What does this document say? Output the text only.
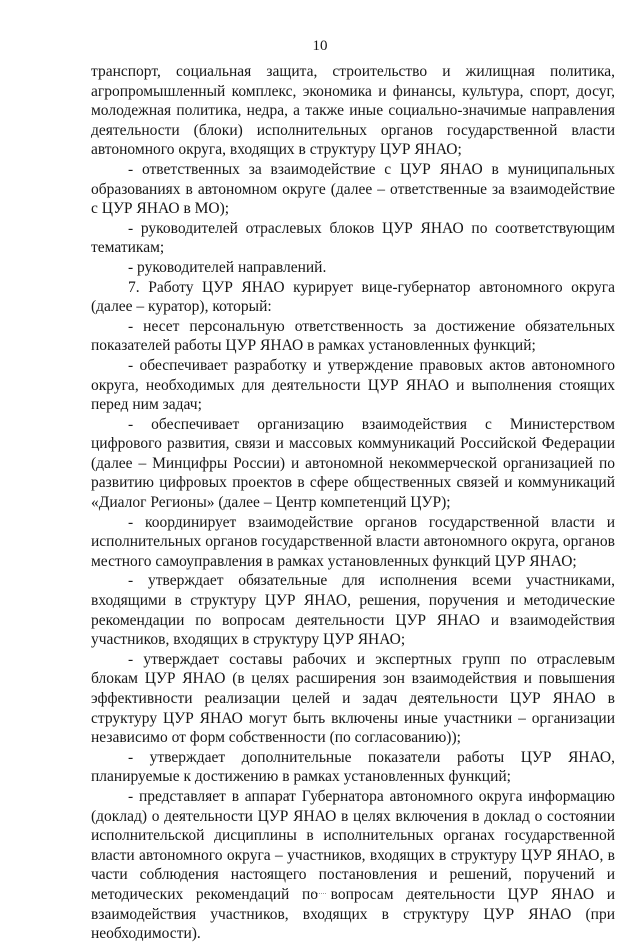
10

транспорт, социальная защита, строительство и жилищная политика, агропромышленный комплекс, экономика и финансы, культура, спорт, досуг, молодежная политика, недра, а также иные социально-значимые направления деятельности (блоки) исполнительных органов государственной власти автономного округа, входящих в структуру ЦУР ЯНАО;

- ответственных за взаимодействие с ЦУР ЯНАО в муниципальных образованиях в автономном округе (далее – ответственные за взаимодействие с ЦУР ЯНАО в МО);

- руководителей отраслевых блоков ЦУР ЯНАО по соответствующим тематикам;

- руководителей направлений.

7. Работу ЦУР ЯНАО курирует вице-губернатор автономного округа (далее – куратор), который:

- несет персональную ответственность за достижение обязательных показателей работы ЦУР ЯНАО в рамках установленных функций;

- обеспечивает разработку и утверждение правовых актов автономного округа, необходимых для деятельности ЦУР ЯНАО и выполнения стоящих перед ним задач;

- обеспечивает организацию взаимодействия с Министерством цифрового развития, связи и массовых коммуникаций Российской Федерации (далее – Минцифры России) и автономной некоммерческой организацией по развитию цифровых проектов в сфере общественных связей и коммуникаций «Диалог Регионы» (далее – Центр компетенций ЦУР);

- координирует взаимодействие органов государственной власти и исполнительных органов государственной власти автономного округа, органов местного самоуправления в рамках установленных функций ЦУР ЯНАО;

- утверждает обязательные для исполнения всеми участниками, входящими в структуру ЦУР ЯНАО, решения, поручения и методические рекомендации по вопросам деятельности ЦУР ЯНАО и взаимодействия участников, входящих в структуру ЦУР ЯНАО;

- утверждает составы рабочих и экспертных групп по отраслевым блокам ЦУР ЯНАО (в целях расширения зон взаимодействия и повышения эффективности реализации целей и задач деятельности ЦУР ЯНАО в структуру ЦУР ЯНАО могут быть включены иные участники – организации независимо от форм собственности (по согласованию));

- утверждает дополнительные показатели работы ЦУР ЯНАО, планируемые к достижению в рамках установленных функций;

- представляет в аппарат Губернатора автономного округа информацию (доклад) о деятельности ЦУР ЯНАО в целях включения в доклад о состоянии исполнительской дисциплины в исполнительных органах государственной власти автономного округа – участников, входящих в структуру ЦУР ЯНАО, в части соблюдения настоящего постановления и решений, поручений и методических рекомендаций по вопросам деятельности ЦУР ЯНАО и взаимодействия участников, входящих в структуру ЦУР ЯНАО (при необходимости).
